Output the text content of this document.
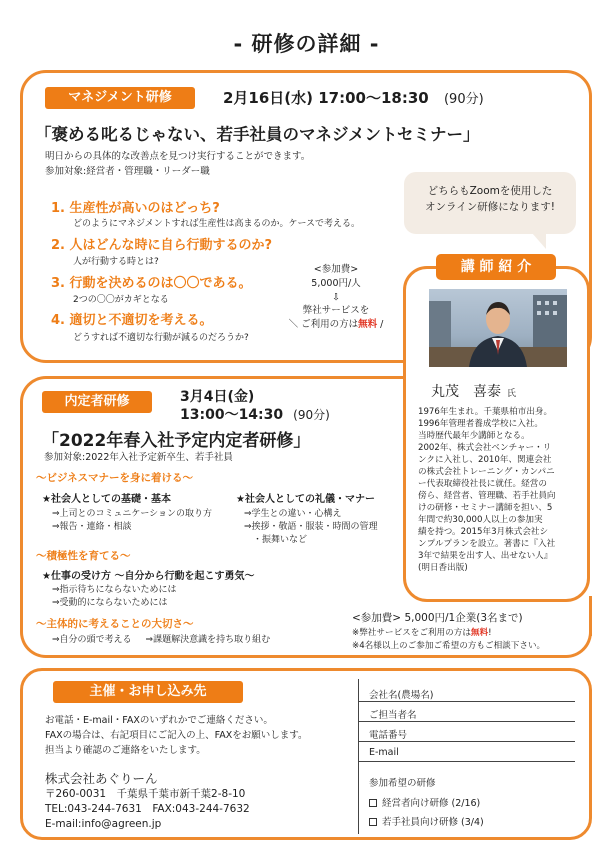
- 研修の詳細 -
マネジメント研修	2月16日(水) 17:00〜18:30 (90分)
「褒める叱るじゃない、若手社員のマネジメントセミナー」
明日からの具体的な改善点を見つけ実行することができます。
参加対象:経営者・管理職・リーダー職
1. 生産性が高いのはどっち?
どのようにマネジメントすれば生産性は高まるのか。ケースで考える。
2. 人はどんな時に自ら行動するのか?
人が行動する時とは?
3. 行動を決めるのは〇〇である。
2つの〇〇がカギとなる
4. 適切と不適切を考える。
どうすれば不適切な行動が減るのだろうか?
<参加費>
5,000円/人
⇩
弊社サービスを
＼ ご利用の方は無料 /
どちらもZoomを使用した
オンライン研修になります!
講 師 紹 介
丸茂　喜泰 氏
1976年生まれ。千葉県柏市出身。
1996年管理者養成学校に入社。
当時歴代最年少講師となる。
2002年、株式会社ベンチャー・リ
ンクに入社し、2010年、関連会社
の株式会社トレーニング・カンパニ
ー代表取締役社長に就任。経営の
傍ら、経営者、管理職、若手社員向
けの研修・セミナー講師を担い、5
年間で約30,000人以上の参加実
績を持つ。2015年3月株式会社シ
ンプルプランを設立。著書に『入社
3年で結果を出す人、出せない人』
(明日香出版)
内定者研修	3月4日(金)
13:00〜14:30 (90分)
「2022年春入社予定内定者研修」
参加対象:2022年入社予定新卒生、若手社員
〜ビジネスマナーを身に着ける〜
★社会人としての基礎・基本
⇒上司とのコミュニケーションの取り方
⇒報告・連絡・相談
★社会人としての礼儀・マナー
⇒学生との違い・心構え
⇒挨拶・敬語・服装・時間の管理
　・振舞いなど
〜積極性を育てる〜
★仕事の受け方 〜自分から行動を起こす勇気〜
⇒指示待ちにならないためには
⇒受動的にならないためには
〜主体的に考えることの大切さ〜
⇒自分の頭で考える ⇒課題解決意識を持ち取り組む
<参加費> 5,000円/1企業(3名まで)
※弊社サービスをご利用の方は無料!
※4名様以上のご参加ご希望の方もご相談下さい。
主催・お申し込み先
お電話・E-mail・FAXのいずれかでご連絡ください。
FAXの場合は、右記項目にご記入の上、FAXをお願いします。
担当より確認のご連絡をいたします。
株式会社あぐりーん
〒260-0031　千葉県千葉市新千葉2-8-10
TEL:043-244-7631　FAX:043-244-7632
E-mail:info@agreen.jp
会社名(農場名)
ご担当者名
電話番号
E-mail
参加希望の研修
経営者向け研修 (2/16)
若手社員向け研修 (3/4)
